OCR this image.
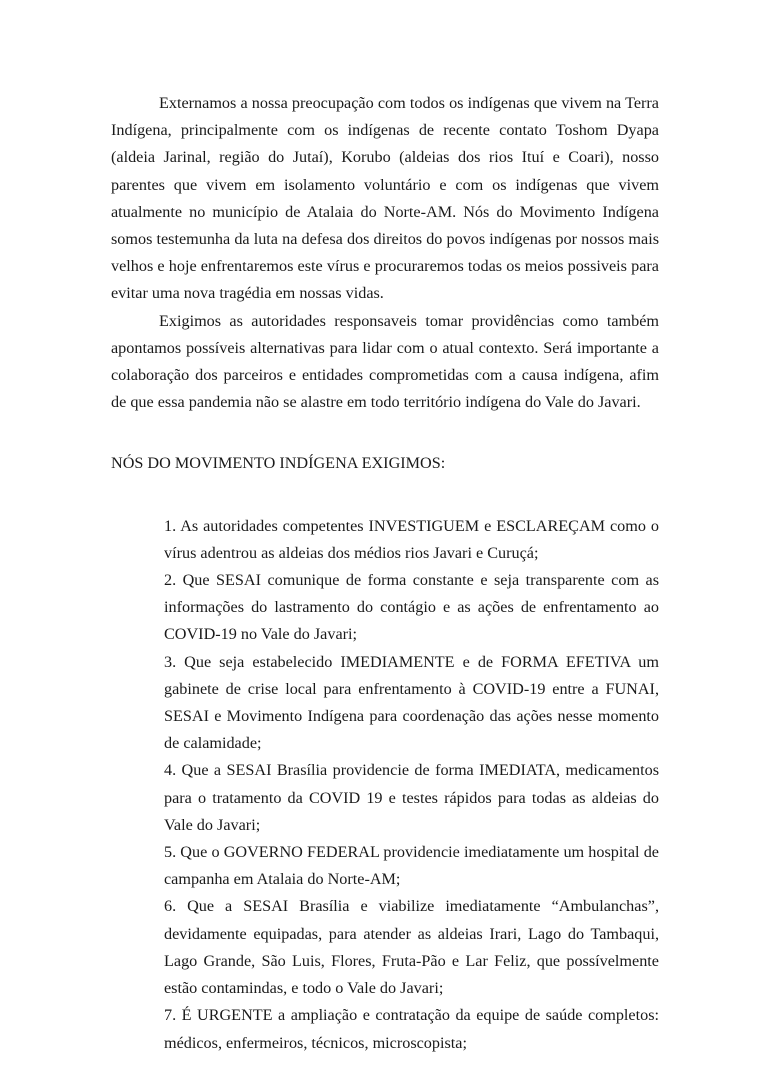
Externamos a nossa preocupação com todos os indígenas que vivem na Terra Indígena, principalmente com os indígenas de recente contato Toshom Dyapa (aldeia Jarinal, região do Jutaí), Korubo (aldeias dos rios Ituí e Coari), nosso parentes que vivem em isolamento voluntário e com os indígenas que vivem atualmente no município de Atalaia do Norte-AM. Nós do Movimento Indígena somos testemunha da luta na defesa dos direitos do povos indígenas por nossos mais velhos e hoje enfrentaremos este vírus e procuraremos todas os meios possiveis para evitar uma nova tragédia em nossas vidas.

Exigimos as autoridades responsaveis tomar providências como também apontamos possíveis alternativas para lidar com o atual contexto. Será importante a colaboração dos parceiros e entidades comprometidas com a causa indígena, afim de que essa pandemia não se alastre em todo território indígena do Vale do Javari.

NÓS DO MOVIMENTO INDÍGENA EXIGIMOS:

1. As autoridades competentes INVESTIGUEM e ESCLAREÇAM como o vírus adentrou as aldeias dos médios rios Javari e Curuçá;
2. Que SESAI comunique de forma constante e seja transparente com as informações do lastramento do contágio e as ações de enfrentamento ao COVID-19 no Vale do Javari;
3. Que seja estabelecido IMEDIAMENTE e de FORMA EFETIVA um gabinete de crise local para enfrentamento à COVID-19 entre a FUNAI, SESAI e Movimento Indígena para coordenação das ações nesse momento de calamidade;
4. Que a SESAI Brasília providencie de forma IMEDIATA, medicamentos para o tratamento da COVID 19 e testes rápidos para todas as aldeias do Vale do Javari;
5. Que o GOVERNO FEDERAL providencie imediatamente um hospital de campanha em Atalaia do Norte-AM;
6. Que a SESAI Brasília e viabilize imediatamente “Ambulanchas”, devidamente equipadas, para atender as aldeias Irari, Lago do Tambaqui, Lago Grande, São Luis, Flores, Fruta-Pão e Lar Feliz, que possívelmente estão contamindas, e todo o Vale do Javari;
7. É URGENTE a ampliação e contratação da equipe de saúde completos: médicos, enfermeiros, técnicos, microscopista;
